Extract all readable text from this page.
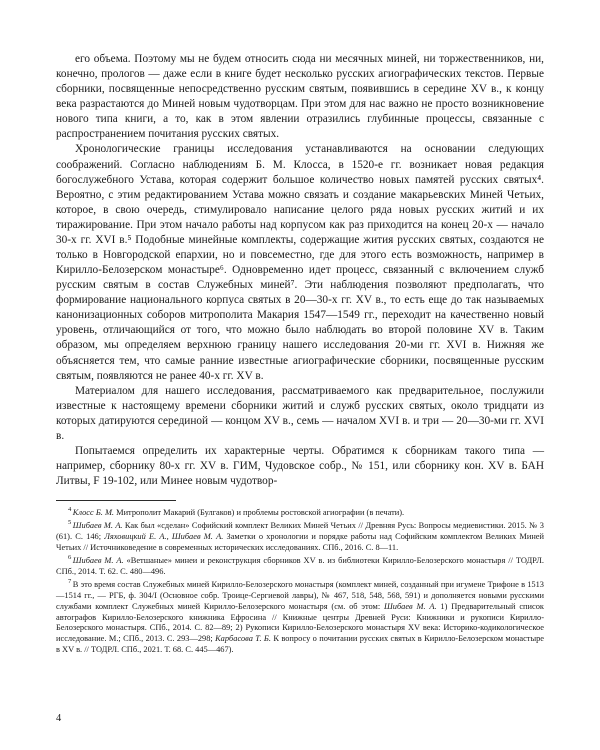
его объема. Поэтому мы не будем относить сюда ни месячных миней, ни торжественников, ни, конечно, прологов — даже если в книге будет несколько русских агиографических текстов. Первые сборники, посвященные непосредственно русским святым, появившись в середине XV в., к концу века разрастаются до Миней новым чудотворцам. При этом для нас важно не просто возникновение нового типа книги, а то, как в этом явлении отразились глубинные процессы, связанные с распространением почитания русских святых.

Хронологические границы исследования устанавливаются на основании следующих соображений. Согласно наблюдениям Б. М. Клосса, в 1520-е гг. возникает новая редакция богослужебного Устава, которая содержит большое количество новых памятей русских святых⁴. Вероятно, с этим редактированием Устава можно связать и создание макарьевских Миней Четьих, которое, в свою очередь, стимулировало написание целого ряда новых русских житий и их тиражирование. При этом начало работы над корпусом как раз приходится на конец 20-х — начало 30-х гг. XVI в.⁵ Подобные минейные комплекты, содержащие жития русских святых, создаются не только в Новгородской епархии, но и повсеместно, где для этого есть возможность, например в Кирилло-Белозерском монастыре⁶. Одновременно идет процесс, связанный с включением служб русским святым в состав Служебных миней⁷. Эти наблюдения позволяют предполагать, что формирование национального корпуса святых в 20—30-х гг. XV в., то есть еще до так называемых канонизационных соборов митрополита Макария 1547—1549 гг., переходит на качественно новый уровень, отличающийся от того, что можно было наблюдать во второй половине XV в. Таким образом, мы определяем верхнюю границу нашего исследования 20-ми гг. XVI в. Нижняя же объясняется тем, что самые ранние известные агиографические сборники, посвященные русским святым, появляются не ранее 40-х гг. XV в.

Материалом для нашего исследования, рассматриваемого как предварительное, послужили известные к настоящему времени сборники житий и служб русских святых, около тридцати из которых датируются серединой — концом XV в., семь — началом XVI в. и три — 20—30-ми гг. XVI в.

Попытаемся определить их характерные черты. Обратимся к сборникам такого типа — например, сборнику 80-х гг. XV в. ГИМ, Чудовское собр., № 151, или сборнику кон. XV в. БАН Литвы, F 19-102, или Минее новым чудотвор-

$^4$ Клосс Б. М. Митрополит Макарий (Булгаков) и проблемы ростовской агиографии (в печати).

$^5$ Шибаев М. А. Как был «сделан» Софийский комплект Великих Миней Четьих // Древняя Русь: Вопросы медиевистики. 2015. № 3 (61). С. 146; Ляховицкий Е. А., Шибаев М. А. Заметки о хронологии и порядке работы над Софийским комплектом Великих Миней Четьих // Источниковедение в современных исторических исследованиях. СПб., 2016. С. 8—11.

$^6$ Шибаев М. А. «Ветшаные» минеи и реконструкция сборников XV в. из библиотеки Кирилло-Белозерского монастыря // ТОДРЛ. СПб., 2014. Т. 62. С. 480—496.

$^7$ В это время состав Служебных миней Кирилло-Белозерского монастыря (комплект миней, созданный при игумене Трифоне в 1513—1514 гг., — РГБ, ф. 304/I (Основное собр. Троице-Сергиевой лавры), № 467, 518, 548, 568, 591) и дополняется новыми русскими службами комплект Служебных миней Кирилло-Белозерского монастыря (см. об этом: Шибаев М. А. 1) Предварительный список автографов Кирилло-Белозерского книжника Ефросина // Книжные центры Древней Руси: Книжники и рукописи Кирилло-Белозерского монастыря. СПб., 2014. С. 82—89; 2) Рукописи Кирилло-Белозерского монастыря XV века: Историко-кодикологическое исследование. М.; СПб., 2013. С. 293—298; Карбасова Т. Б. К вопросу о почитании русских святых в Кирилло-Белозерском монастыре в XV в. // ТОДРЛ. СПб., 2021. Т. 68. С. 445—467).

4
